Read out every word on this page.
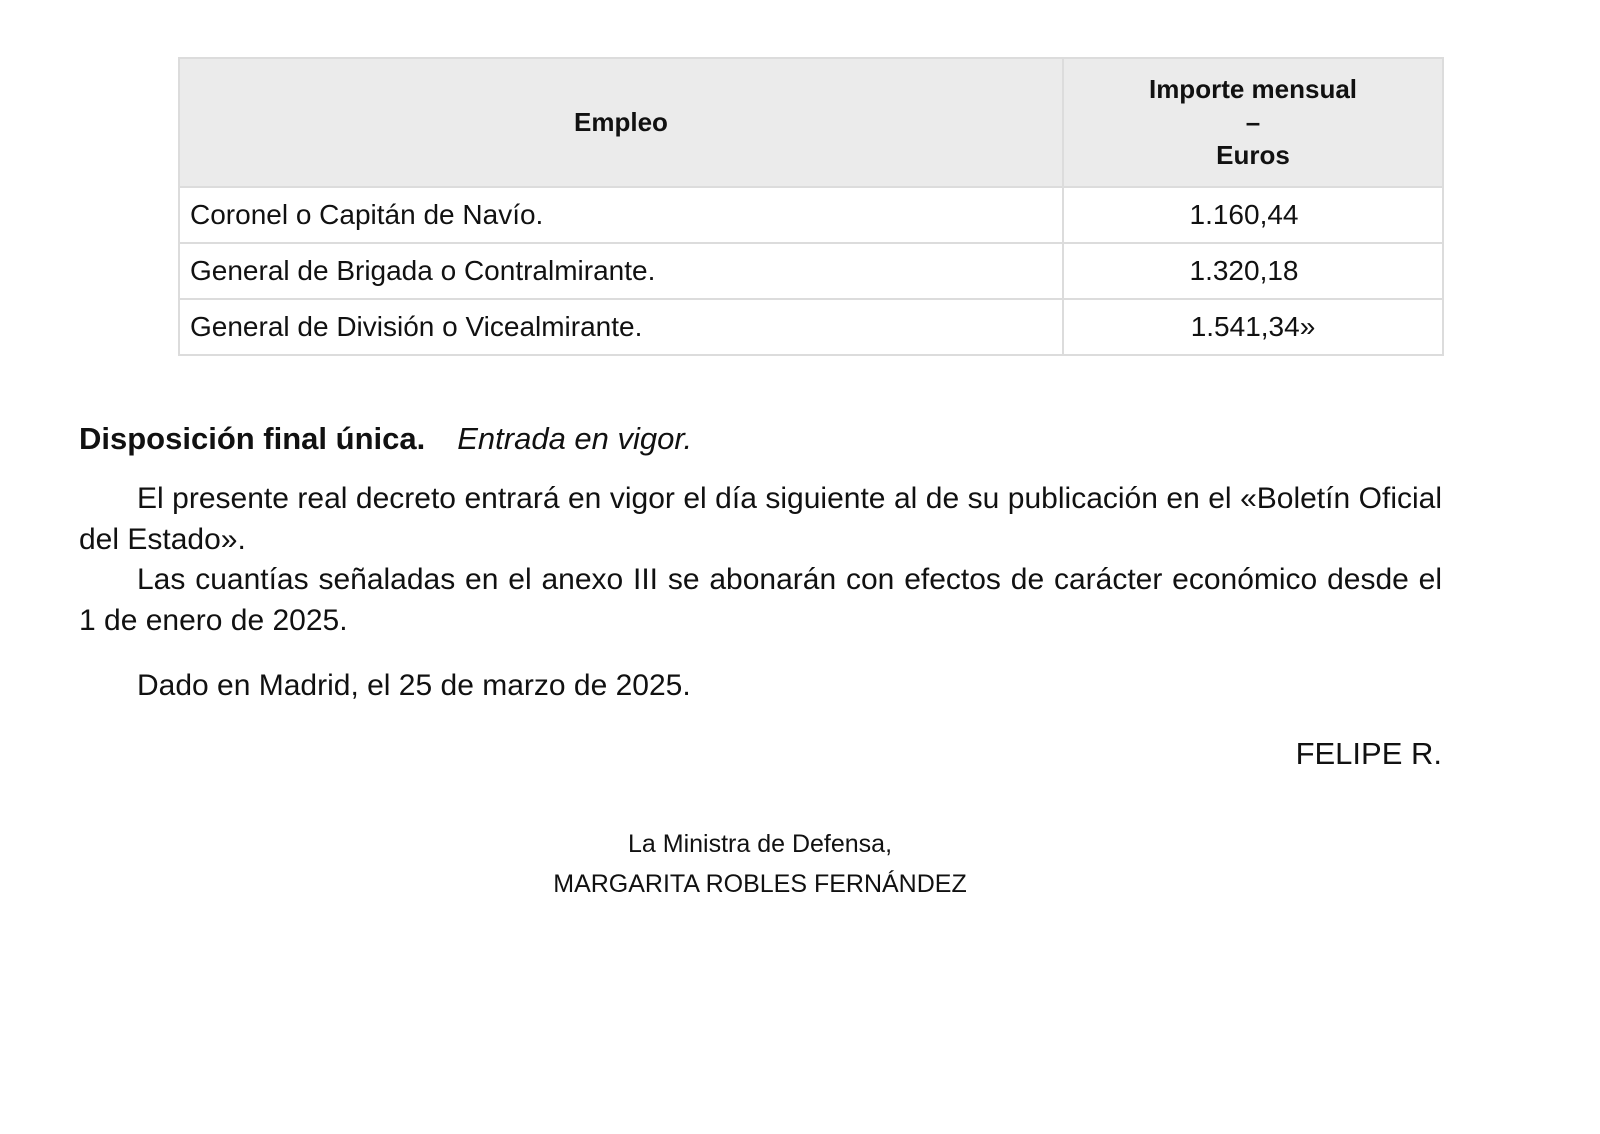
Empleo	Importe mensual
–
Euros

Coronel o Capitán de Navío.	1.160,44
General de Brigada o Contralmirante.	1.320,18
General de División o Vicealmirante.	1.541,34»
Disposición final única. Entrada en vigor.

El presente real decreto entrará en vigor el día siguiente al de su publicación en el «Boletín Oficial del Estado».

Las cuantías señaladas en el anexo III se abonarán con efectos de carácter económico desde el 1 de enero de 2025.

Dado en Madrid, el 25 de marzo de 2025.

FELIPE R.
La Ministra de Defensa,
MARGARITA ROBLES FERNÁNDEZ
